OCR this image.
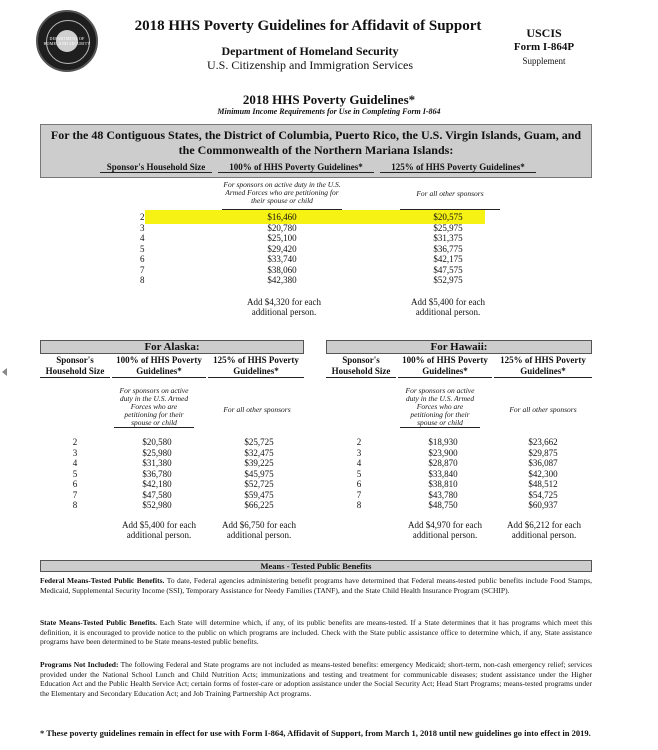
DEPARTMENT OF HOMELAND SECURITY
2018 HHS Poverty Guidelines for Affidavit of Support
Department of Homeland Security
U.S. Citizenship and Immigration Services
USCIS
Form I-864P
Supplement
2018 HHS Poverty Guidelines*
Minimum Income Requirements for Use in Completing Form I-864
For the 48 Contiguous States, the District of Columbia, Puerto Rico, the U.S. Virgin Islands, Guam, and the Commonwealth of the Northern Mariana Islands:
Sponsor's Household Size	100% of HHS Poverty Guidelines*	125% of HHS Poverty Guidelines*
For sponsors on active duty in the U.S. Armed Forces who are petitioning for their spouse or child
For all other sponsors
2
3
4
5
6
7
8
$16,460
$20,780
$25,100
$29,420
$33,740
$38,060
$42,380
$20,575
$25,975
$31,375
$36,775
$42,175
$47,575
$52,975
Add $4,320 for each additional person.
Add $5,400 for each additional person.
For Alaska:
Sponsor's Household Size
100% of HHS Poverty Guidelines*
125% of HHS Poverty Guidelines*
For sponsors on active duty in the U.S. Armed Forces who are petitioning for their spouse or child
For all other sponsors
2
3
4
5
6
7
8
$20,580
$25,980
$31,380
$36,780
$42,180
$47,580
$52,980
$25,725
$32,475
$39,225
$45,975
$52,725
$59,475
$66,225
Add $5,400 for each additional person.
Add $6,750 for each additional person.
For Hawaii:
Sponsor's Household Size
100% of HHS Poverty Guidelines*
125% of HHS Poverty Guidelines*
For sponsors on active duty in the U.S. Armed Forces who are petitioning for their spouse or child
For all other sponsors
2
3
4
5
6
7
8
$18,930
$23,900
$28,870
$33,840
$38,810
$43,780
$48,750
$23,662
$29,875
$36,087
$42,300
$48,512
$54,725
$60,937
Add $4,970 for each additional person.
Add $6,212 for each additional person.
Means - Tested Public Benefits
Federal Means-Tested Public Benefits. To date, Federal agencies administering benefit programs have determined that Federal means-tested public benefits include Food Stamps, Medicaid, Supplemental Security Income (SSI), Temporary Assistance for Needy Families (TANF), and the State Child Health Insurance Program (SCHIP).
State Means-Tested Public Benefits. Each State will determine which, if any, of its public benefits are means-tested. If a State determines that it has programs which meet this definition, it is encouraged to provide notice to the public on which programs are included. Check with the State public assistance office to determine which, if any, State assistance programs have been determined to be State means-tested public benefits.
Programs Not Included: The following Federal and State programs are not included as means-tested benefits: emergency Medicaid; short-term, non-cash emergency relief; services provided under the National School Lunch and Child Nutrition Acts; immunizations and testing and treatment for communicable diseases; student assistance under the Higher Education Act and the Public Health Service Act; certain forms of foster-care or adoption assistance under the Social Security Act; Head Start Programs; means-tested programs under the Elementary and Secondary Education Act; and Job Training Partnership Act programs.
* These poverty guidelines remain in effect for use with Form I-864, Affidavit of Support, from March 1, 2018 until new guidelines go into effect in 2019.
